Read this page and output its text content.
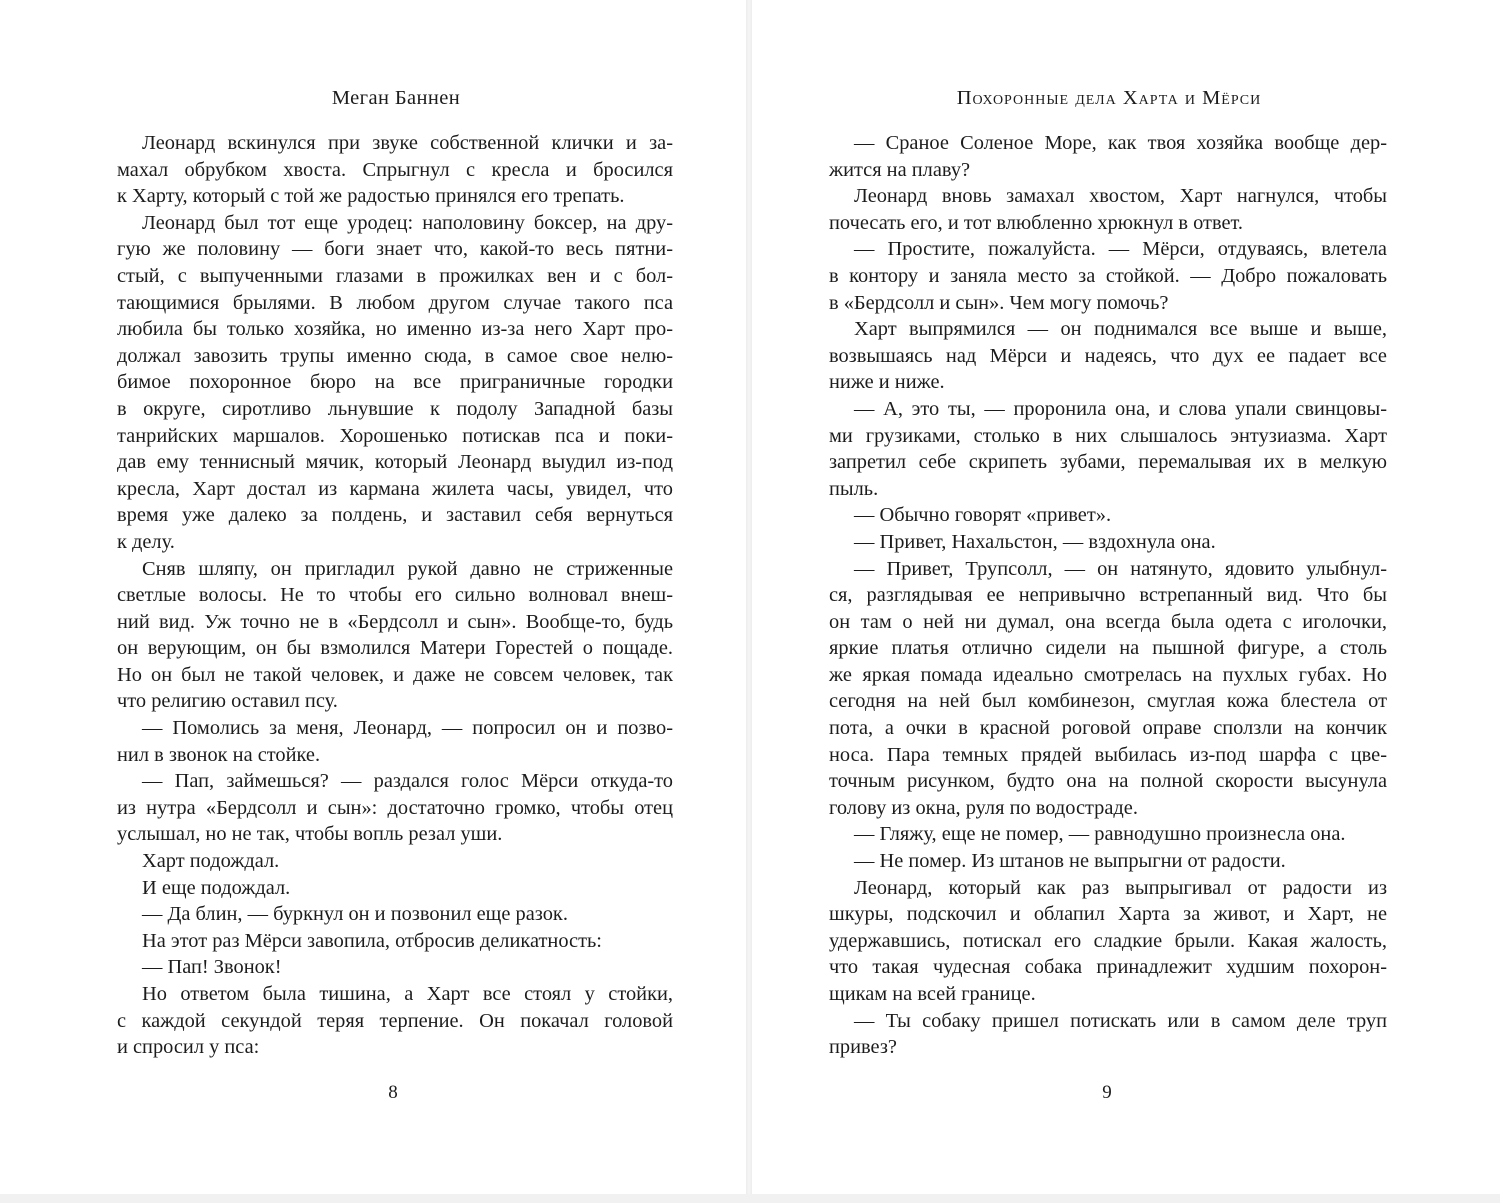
Меган Баннен
Леонард вскинулся при звуке собственной клички и за-
махал обрубком хвоста. Спрыгнул с кресла и бросился
к Харту, который с той же радостью принялся его трепать.
Леонард был тот еще уродец: наполовину боксер, на дру-
гую же половину — боги знает что, какой-то весь пятни-
стый, с выпученными глазами в прожилках вен и с бол-
тающимися брылями. В любом другом случае такого пса
любила бы только хозяйка, но именно из-за него Харт про-
должал завозить трупы именно сюда, в самое свое нелю-
бимое похоронное бюро на все приграничные городки
в округе, сиротливо льнувшие к подолу Западной базы
танрийских маршалов. Хорошенько потискав пса и поки-
дав ему теннисный мячик, который Леонард выудил из-под
кресла, Харт достал из кармана жилета часы, увидел, что
время уже далеко за полдень, и заставил себя вернуться
к делу.
Сняв шляпу, он пригладил рукой давно не стриженные
светлые волосы. Не то чтобы его сильно волновал внеш-
ний вид. Уж точно не в «Бердсолл и сын». Вообще-то, будь
он верующим, он бы взмолился Матери Горестей о пощаде.
Но он был не такой человек, и даже не совсем человек, так
что религию оставил псу.
— Помолись за меня, Леонард, — попросил он и позво-
нил в звонок на стойке.
— Пап, займешься? — раздался голос Мёрси откуда-то
из нутра «Бердсолл и сын»: достаточно громко, чтобы отец
услышал, но не так, чтобы вопль резал уши.
Харт подождал.
И еще подождал.
— Да блин, — буркнул он и позвонил еще разок.
На этот раз Мёрси завопила, отбросив деликатность:
— Пап! Звонок!
Но ответом была тишина, а Харт все стоял у стойки,
с каждой секундой теряя терпение. Он покачал головой
и спросил у пса:
8
Похоронные дела Харта и Мёрси
— Сраное Соленое Море, как твоя хозяйка вообще дер-
жится на плаву?
Леонард вновь замахал хвостом, Харт нагнулся, чтобы
почесать его, и тот влюбленно хрюкнул в ответ.
— Простите, пожалуйста. — Мёрси, отдуваясь, влетела
в контору и заняла место за стойкой. — Добро пожаловать
в «Бердсолл и сын». Чем могу помочь?
Харт выпрямился — он поднимался все выше и выше,
возвышаясь над Мёрси и надеясь, что дух ее падает все
ниже и ниже.
— А, это ты, — проронила она, и слова упали свинцовы-
ми грузиками, столько в них слышалось энтузиазма. Харт
запретил себе скрипеть зубами, перемалывая их в мелкую
пыль.
— Обычно говорят «привет».
— Привет, Нахальстон, — вздохнула она.
— Привет, Трупсолл, — он натянуто, ядовито улыбнул-
ся, разглядывая ее непривычно встрепанный вид. Что бы
он там о ней ни думал, она всегда была одета с иголочки,
яркие платья отлично сидели на пышной фигуре, а столь
же яркая помада идеально смотрелась на пухлых губах. Но
сегодня на ней был комбинезон, смуглая кожа блестела от
пота, а очки в красной роговой оправе сползли на кончик
носа. Пара темных прядей выбилась из-под шарфа с цве-
точным рисунком, будто она на полной скорости высунула
голову из окна, руля по водостраде.
— Гляжу, еще не помер, — равнодушно произнесла она.
— Не помер. Из штанов не выпрыгни от радости.
Леонард, который как раз выпрыгивал от радости из
шкуры, подскочил и облапил Харта за живот, и Харт, не
удержавшись, потискал его сладкие брыли. Какая жалость,
что такая чудесная собака принадлежит худшим похорон-
щикам на всей границе.
— Ты собаку пришел потискать или в самом деле труп
привез?
9
